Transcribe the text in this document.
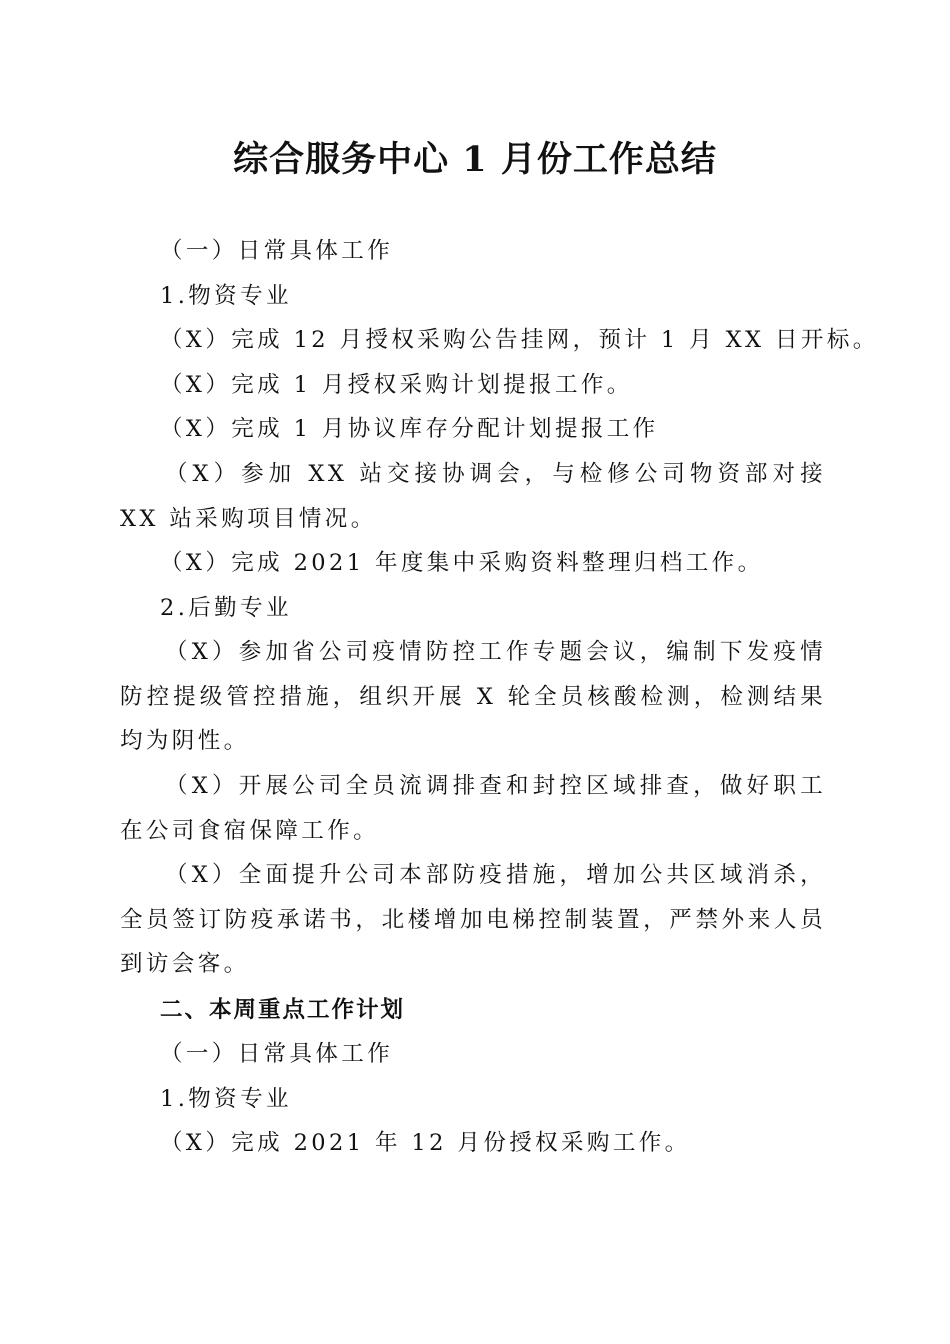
综合服务中心 1 月份工作总结
（一）日常具体工作
1.物资专业
（X）完成 12 月授权采购公告挂网，预计 1 月 XX 日开标。
（X）完成 1 月授权采购计划提报工作。
（X）完成 1 月协议库存分配计划提报工作
（X）参加 XX 站交接协调会，与检修公司物资部对接 XX 站采购项目情况。
（X）完成 2021 年度集中采购资料整理归档工作。
2.后勤专业
（X）参加省公司疫情防控工作专题会议，编制下发疫情防控提级管控措施，组织开展 X 轮全员核酸检测，检测结果均为阴性。
（X）开展公司全员流调排查和封控区域排查，做好职工在公司食宿保障工作。
（X）全面提升公司本部防疫措施，增加公共区域消杀，全员签订防疫承诺书，北楼增加电梯控制装置，严禁外来人员到访会客。
二、本周重点工作计划
（一）日常具体工作
1.物资专业
（X）完成 2021 年 12 月份授权采购工作。
